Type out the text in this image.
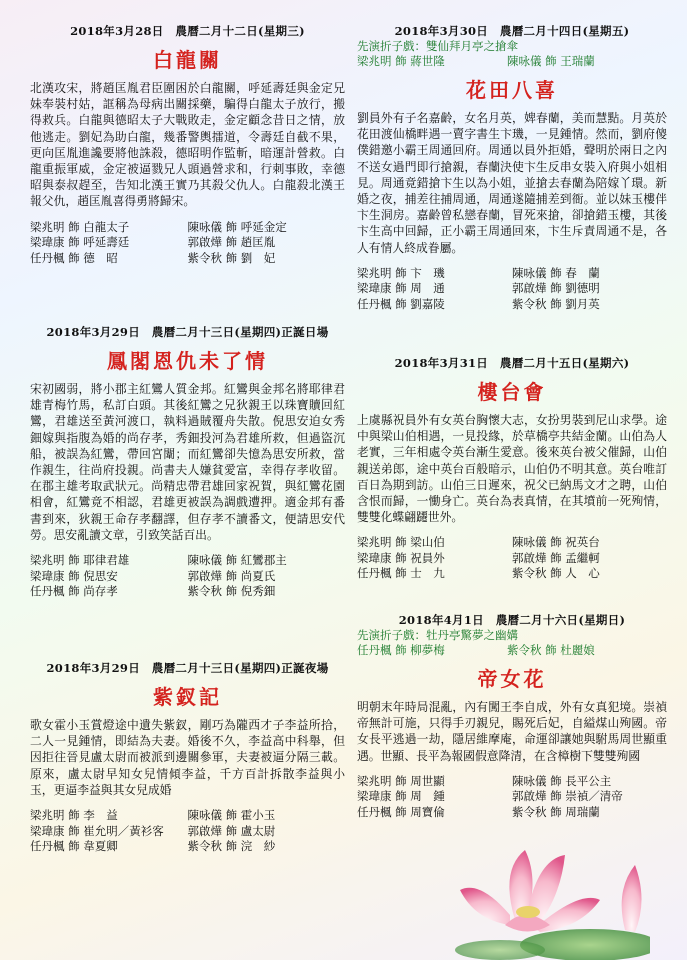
2018年3月28日　農曆二月十二日(星期三)
白龍關

北漢攻宋，將趙匡胤君臣圍困於白龍關，呼延壽廷與金定兄妹奉裝村姑，誆稱為母病出關採藥，騙得白龍太子放行，搬得救兵。白龍與德昭太子大戰敗走，金定顧念昔日之情，放他逃走。劉妃為助白龍，幾番警輿擂道，令壽廷自截不果，更向匡胤進讒要將他誅殺，德昭明作監斬，暗運計營救。白龍重振軍威，金定被逼戮兄人頭過營求和，行刺事敗，幸德昭與泰叔趕至，告知北漢王實乃其殺父仇人。白龍殺北漢王報父仇，趙匡胤喜得勇將歸宋。

梁兆明 飾 白龍太子	陳咏儀 飾 呼延金定
梁瑋康 飾 呼延壽廷	郭啟燁 飾 趙匡胤
任丹楓 飾 德　昭	紫令秋 飾 劉　妃
2018年3月29日　農曆二月十三日(星期四)正誕日場
鳳閣恩仇未了情

宋初國弱，將小郡主紅鸞人質金邦。紅鸞與金邦名將耶律君雄青梅竹馬，私訂白頭。其後紅鸞之兄狄親王以珠寶贖回紅鸞，君雄送至黃河渡口，執料過賊覆舟失散。倪思安迫女秀鈿嫁與指腹為婚的尚存孝，秀鈿投河為君雄所救，但過盜沉船，被誤為紅鸞，帶回宮闈；而紅鸞卻失憶為思安所救，當作親生，往尚府投親。尚書夫人嫌貧愛富，幸得存孝收留。在郡主雄考取武狀元。尚精忠帶君雄回家祝賀，與紅鸞花園相會，紅鸞竟不相認，君雄更被誤為調戲遭押。適金邦有番書到來，狄親王命存孝翻譯，但存孝不讀番文，便請思安代勞。思安亂讀文章，引致笑話百出。

梁兆明 飾 耶律君雄	陳咏儀 飾 紅鸞郡主
梁瑋康 飾 倪思安	郭啟燁 飾 尚夏氏
任丹楓 飾 尚存孝	紫令秋 飾 倪秀鈿
2018年3月29日　農曆二月十三日(星期四)正誕夜場
紫釵記

歌女霍小玉賞燈途中遺失紫釵，剛巧為隴西才子李益所拾，二人一見鍾情，即結為夫妻。婚後不久，李益高中科舉，但因拒往晉見盧太尉而被派到邊關參軍，夫妻被逼分隔三載。原來，盧太尉早知女兒情傾李益，千方百計拆散李益與小玉，更逼李益與其女兒成婚

梁兆明 飾 李　益	陳咏儀 飾 霍小玉
梁瑋康 飾 崔允明／黃衫客	郭啟燁 飾 盧太尉
任丹楓 飾 韋夏卿	紫令秋 飾 浣　紗
2018年3月30日　農曆二月十四日(星期五)
先演折子戲：雙仙拜月亭之搶傘
梁兆明 飾 蔣世隆	陳咏儀 飾 王瑞蘭
花田八喜

劉員外有子名嘉齡，女名月英，婢春蘭，美而慧點。月英於花田渡仙橋畔遇一賣字書生卞璣，一見鍾情。然而，劉府傻僕錯邀小霸王周通回府。周通以員外拒婚，聲明於兩日之內不送女過門即行搶親，春蘭決使卞生反串女裝入府與小姐相見。周通竟錯搶卞生以為小姐，並搶去春蘭為陪嫁丫環。新婚之夜，捕差往捕周通，周通遂隨捕差到衙。並以妹玉樓伴卞生洞房。嘉齡曾私戀春蘭，冒死來搶，卻搶錯玉樓，其後卞生高中回歸，正小霸王周通回來，卞生斥責周通不是，各人有情人終成眷屬。

梁兆明 飾 卞　璣	陳咏儀 飾 春　蘭
梁瑋康 飾 周　通	郭啟燁 飾 劉德明
任丹楓 飾 劉嘉陵	紫令秋 飾 劉月英
2018年3月31日　農曆二月十五日(星期六)
樓台會

上虞縣祝員外有女英台胸懷大志，女扮男裝到尼山求學。途中與梁山伯相遇，一見投緣，於草橋亭共結金蘭。山伯為人老實，三年相處令英台漸生愛意。後來英台被父催歸，山伯親送弟郎，途中英台百般暗示，山伯仍不明其意。英台唯訂百日為期到訪。山伯三日遲來，祝父已納馬文才之聘，山伯含恨而歸，一慟身亡。英台為表真情，在其墳前一死殉情，雙雙化蝶翩躚世外。

梁兆明 飾 梁山伯	陳咏儀 飾 祝英台
梁瑋康 飾 祝員外	郭啟燁 飾 孟繼軻
任丹楓 飾 士　九	紫令秋 飾 人　心
2018年4月1日　農曆二月十六日(星期日)
先演折子戲：牡丹亭驚夢之幽媾
任丹楓 飾 柳夢梅	紫令秋 飾 杜麗娘
帝女花

明朝末年時局混亂，內有闖王李自成，外有女真犯境。崇禎帝無計可施，只得手刃親兒，賜死后妃，自縊煤山殉國。帝女長平逃過一劫，隱居維摩庵，命運卻讓她與駙馬周世顯重遇。世顯、長平為報國假意降清，在含樟樹下雙雙殉國

梁兆明 飾 周世顯	陳咏儀 飾 長平公主
梁瑋康 飾 周　鍾	郭啟燁 飾 崇禎／清帝
任丹楓 飾 周寶倫	紫令秋 飾 周瑞蘭
